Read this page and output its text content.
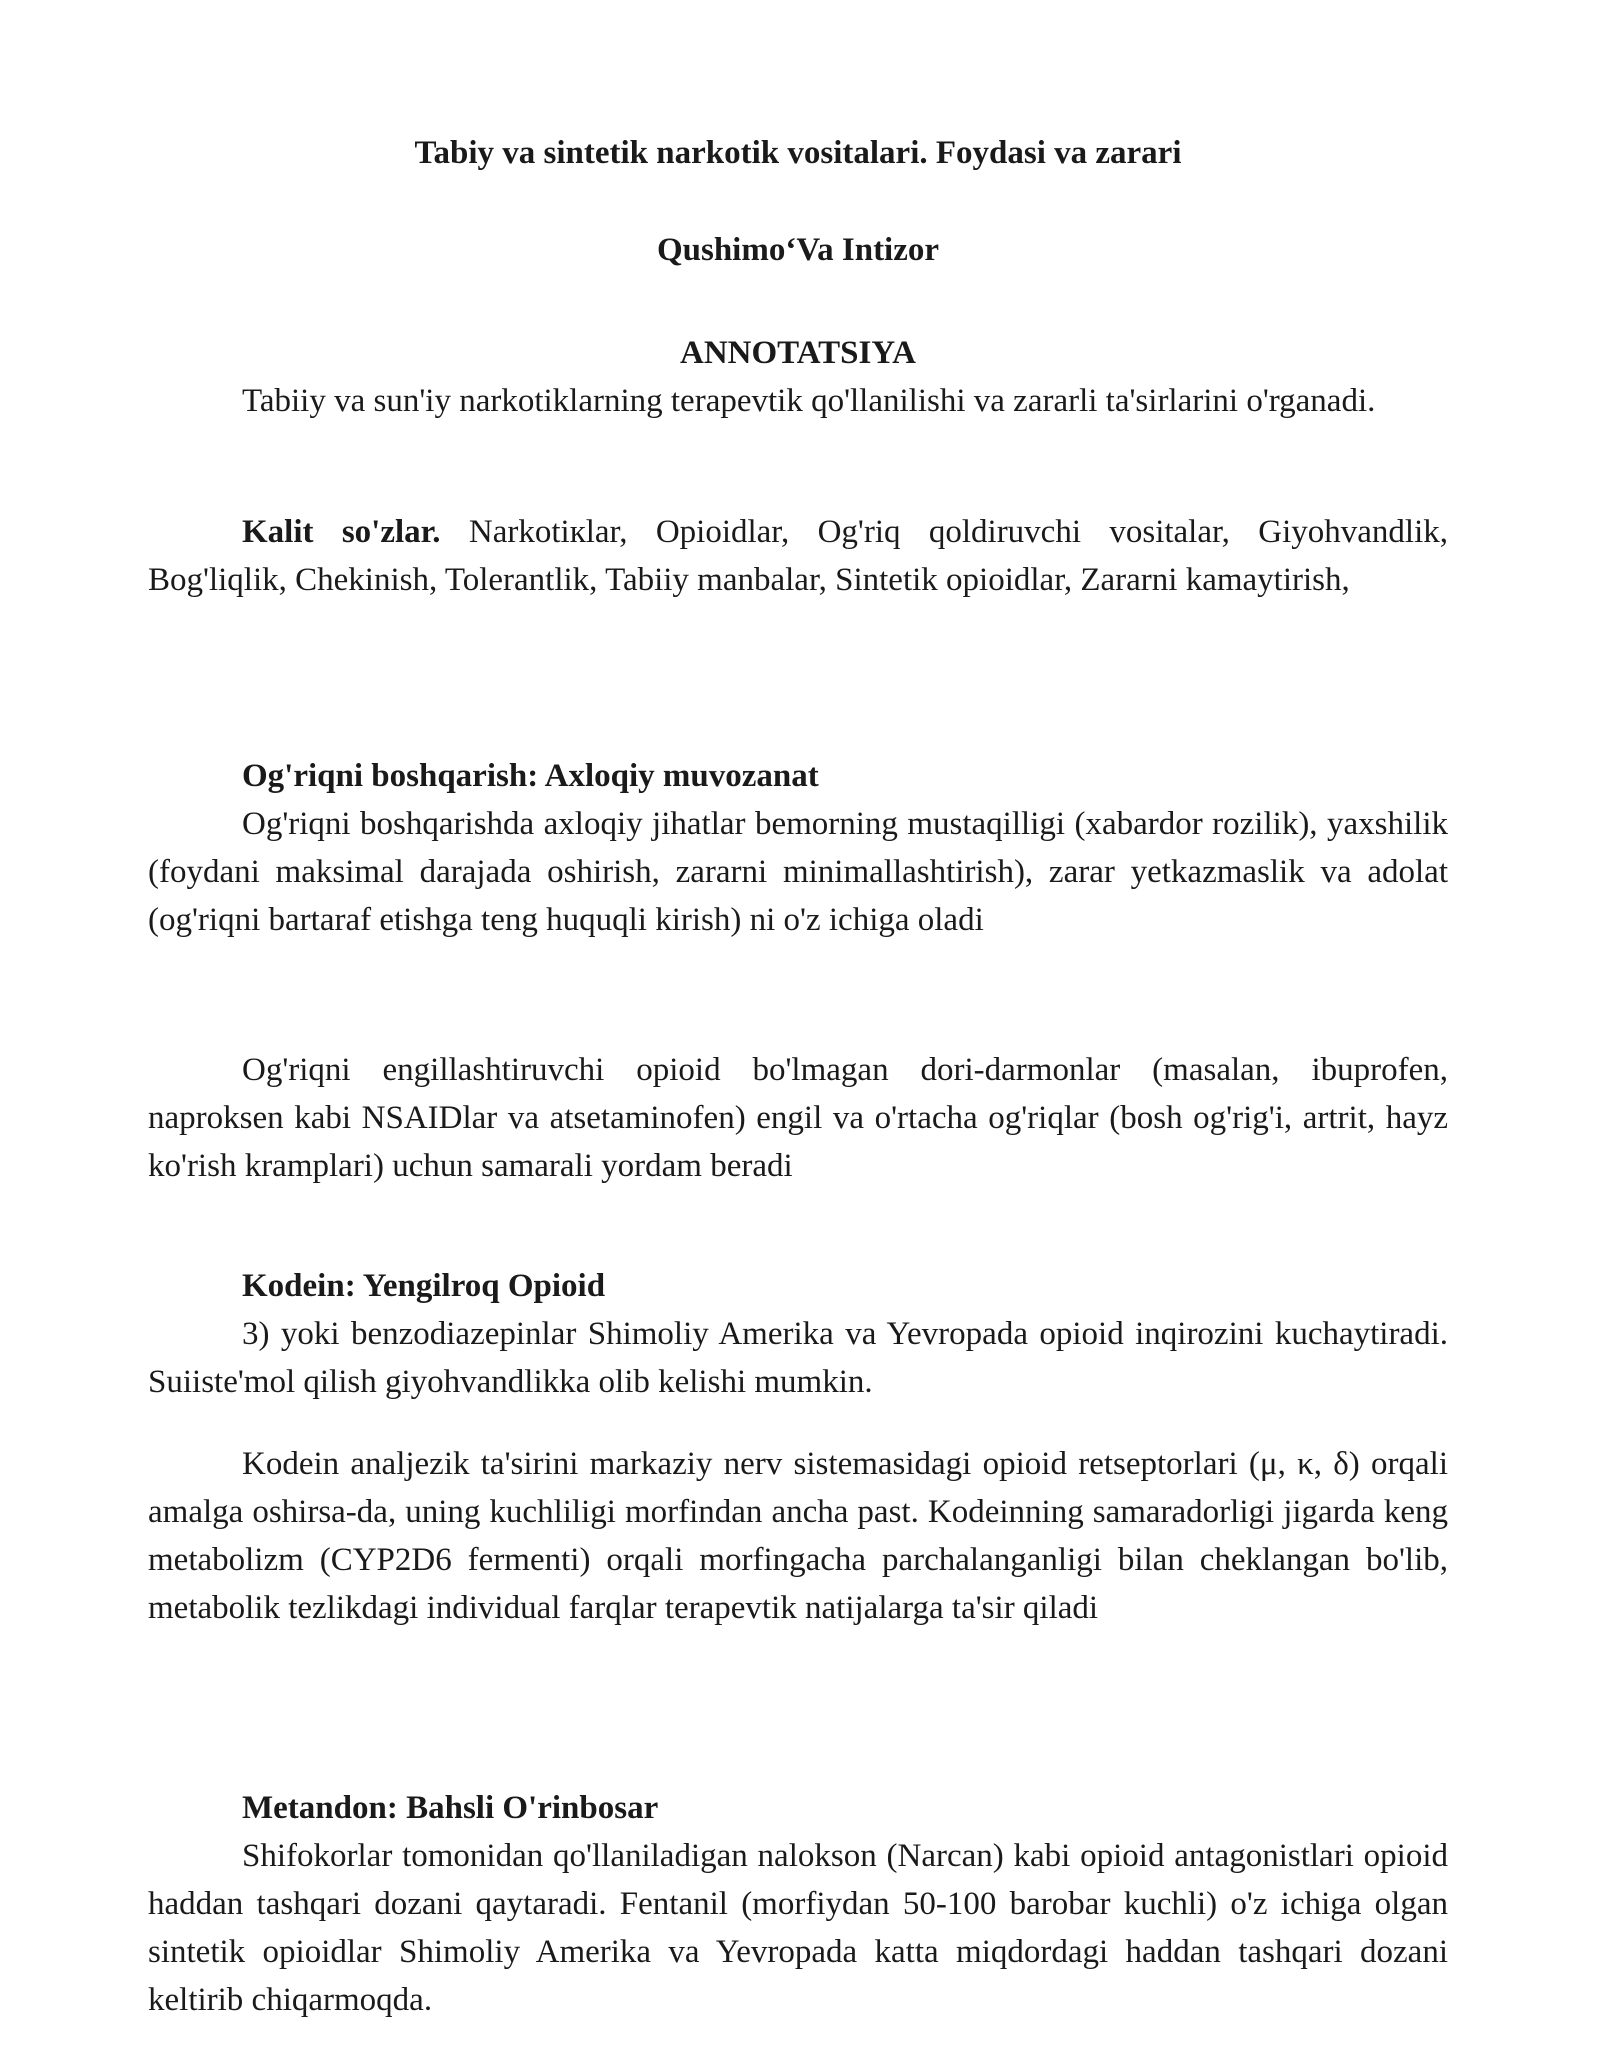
Tabiy va sintetik narkotik vositalari. Foydasi va zarari

Qushimo‘Va Intizor

ANNOTATSIYA

Tabiiy va sun'iy narkotiklarning terapevtik qo'llanilishi va zararli ta'sirlarini o'rganadi.

Kalit so'zlar. Narkotiкlar, Opioidlar, Og'riq qoldiruvchi vositalar, Giyohvandlik, Bog'liqlik, Chekinish, Tolerantlik, Tabiiy manbalar, Sintetik opioidlar, Zararni kamaytirish,

Og'riqni boshqarish: Axloqiy muvozanat

Og'riqni boshqarishda axloqiy jihatlar bemorning mustaqilligi (xabardor rozilik), yaxshilik (foydani maksimal darajada oshirish, zararni minimallashtirish), zarar yetkazmaslik va adolat (og'riqni bartaraf etishga teng huquqli kirish) ni o'z ichiga oladi

Og'riqni engillashtiruvchi opioid bo'lmagan dori-darmonlar (masalan, ibuprofen, naproksen kabi NSAIDlar va atsetaminofen) engil va o'rtacha og'riqlar (bosh og'rig'i, artrit, hayz ko'rish kramplari) uchun samarali yordam beradi

Kodein: Yengilroq Opioid

3) yoki benzodiazepinlar Shimoliy Amerika va Yevropada opioid inqirozini kuchaytiradi. Suiiste'mol qilish giyohvandlikka olib kelishi mumkin.

Kodein analjezik ta'sirini markaziy nerv sistemasidagi opioid retseptorlari (μ, κ, δ) orqali amalga oshirsa-da, uning kuchliligi morfindan ancha past. Kodeinning samaradorligi jigarda keng metabolizm (CYP2D6 fermenti) orqali morfingacha parchalanganligi bilan cheklangan bo'lib, metabolik tezlikdagi individual farqlar terapevtik natijalarga ta'sir qiladi

Metandon: Bahsli O'rinbosar

Shifokorlar tomonidan qo'llaniladigan nalokson (Narcan) kabi opioid antagonistlari opioid haddan tashqari dozani qaytaradi. Fentanil (morfiydan 50-100 barobar kuchli) o'z ichiga olgan sintetik opioidlar Shimoliy Amerika va Yevropada katta miqdordagi haddan tashqari dozani keltirib chiqarmoqda.
